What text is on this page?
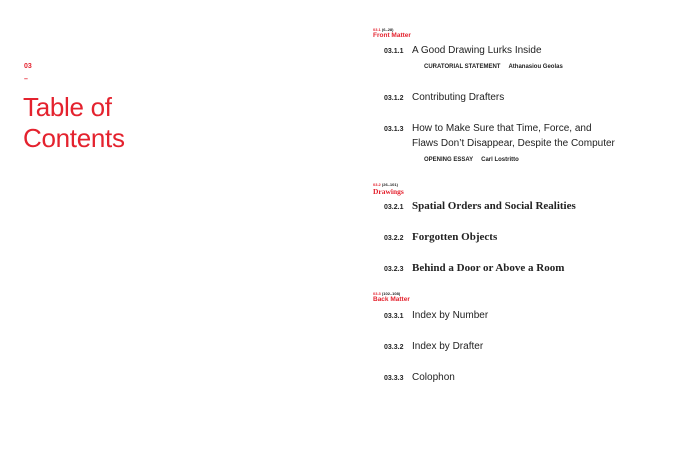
03
–
Table of
Contents
03.1 (6–28)
Front Matter
03.1.1 A Good Drawing Lurks Inside
CURATORIAL STATEMENT Athanasiou Geolas
03.1.2 Contributing Drafters
03.1.3 How to Make Sure that Time, Force, and
Flaws Don’t Disappear, Despite the Computer
OPENING ESSAY Carl Lostritto
03.2 (26–101)
Drawings
03.2.1 Spatial Orders and Social Realities
03.2.2 Forgotten Objects
03.2.3 Behind a Door or Above a Room
03.3 (102–108)
Back Matter
03.3.1 Index by Number
03.3.2 Index by Drafter
03.3.3 Colophon
